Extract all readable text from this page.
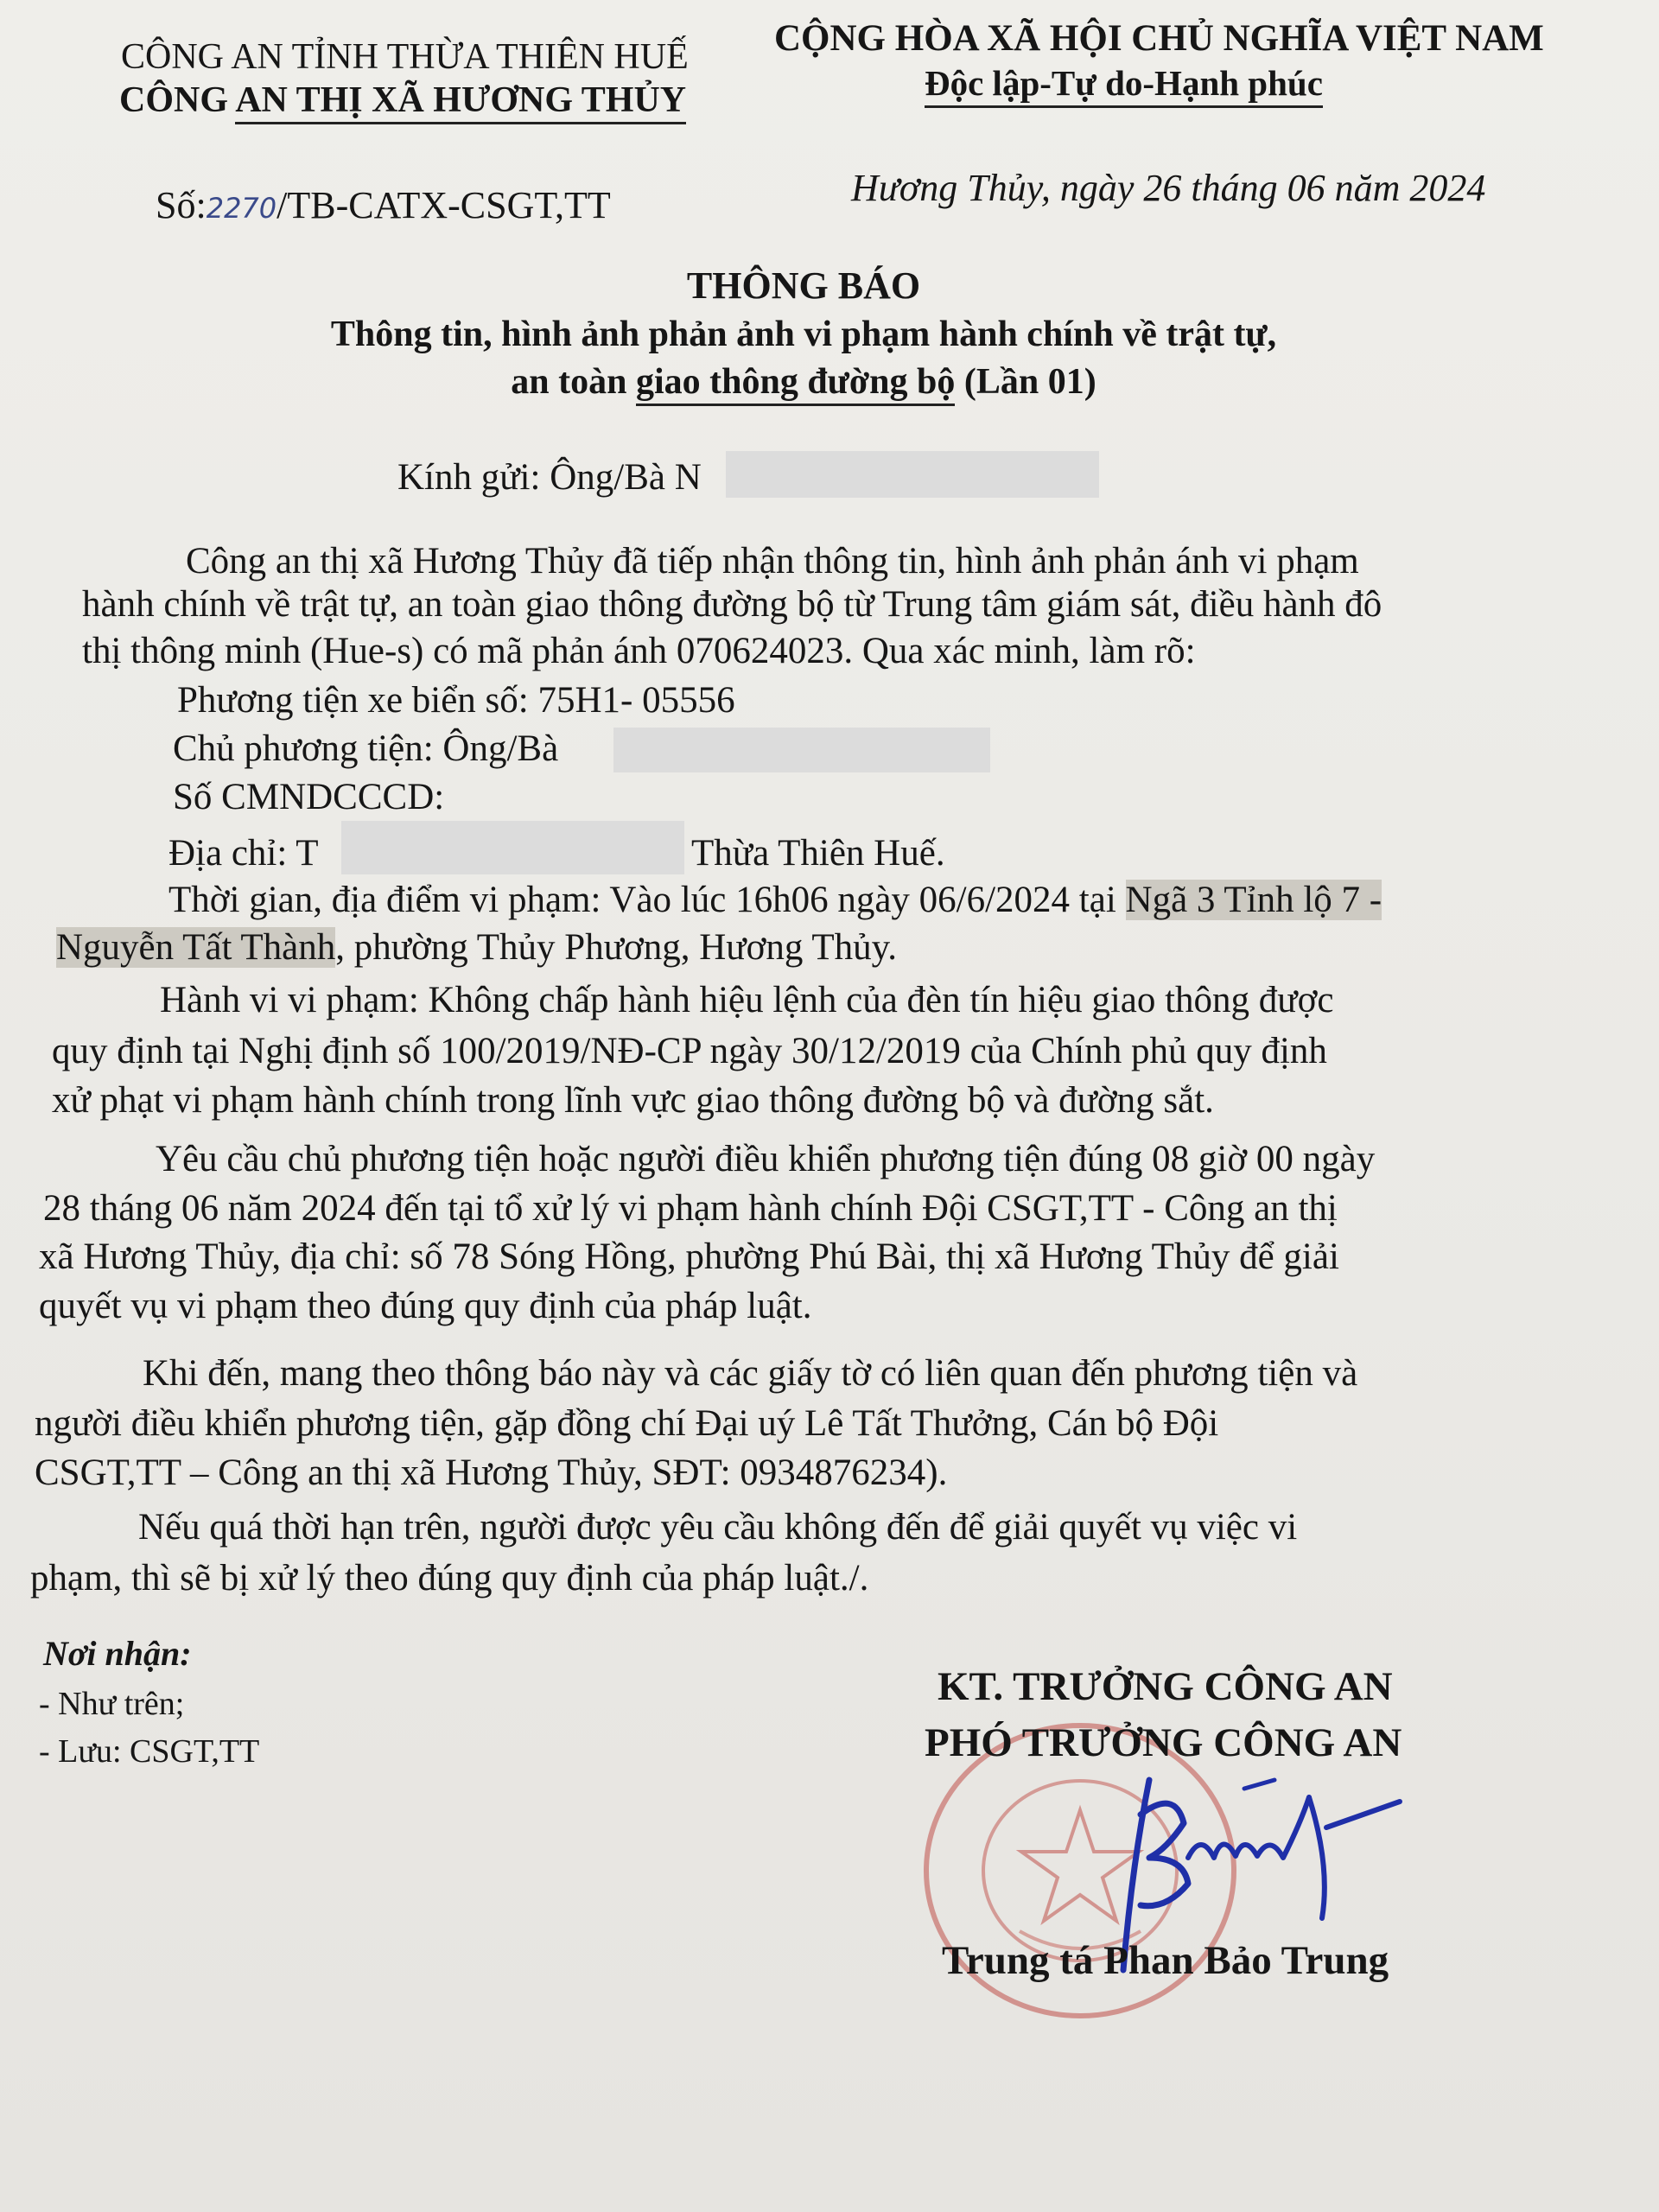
CÔNG AN TỈNH THỪA THIÊN HUẾ
CÔNG AN THỊ XÃ HƯƠNG THỦY
CỘNG HÒA XÃ HỘI CHỦ NGHĨA VIỆT NAM
Độc lập-Tự do-Hạnh phúc
Số:2270/TB-CATX-CSGT,TT	Hương Thủy, ngày 26 tháng 06 năm 2024
THÔNG BÁO
Thông tin, hình ảnh phản ảnh vi phạm hành chính về trật tự,
an toàn giao thông đường bộ (Lần 01)
Kính gửi: Ông/Bà N
Công an thị xã Hương Thủy đã tiếp nhận thông tin, hình ảnh phản ánh vi phạm
hành chính về trật tự, an toàn giao thông đường bộ từ Trung tâm giám sát, điều hành đô
thị thông minh (Hue-s) có mã phản ánh 070624023. Qua xác minh, làm rõ:
Phương tiện xe biển số: 75H1- 05556
Chủ phương tiện: Ông/Bà
Số CMNDCCCD:
Địa chỉ: T	Thừa Thiên Huế.
Thời gian, địa điểm vi phạm: Vào lúc 16h06 ngày 06/6/2024 tại Ngã 3 Tỉnh lộ 7 -
Nguyễn Tất Thành, phường Thủy Phương, Hương Thủy.
Hành vi vi phạm: Không chấp hành hiệu lệnh của đèn tín hiệu giao thông được
quy định tại Nghị định số 100/2019/NĐ-CP ngày 30/12/2019 của Chính phủ quy định
xử phạt vi phạm hành chính trong lĩnh vực giao thông đường bộ và đường sắt.
Yêu cầu chủ phương tiện hoặc người điều khiển phương tiện đúng 08 giờ 00 ngày
28 tháng 06 năm 2024 đến tại tổ xử lý vi phạm hành chính Đội CSGT,TT - Công an thị
xã Hương Thủy, địa chỉ: số 78 Sóng Hồng, phường Phú Bài, thị xã Hương Thủy để giải
quyết vụ vi phạm theo đúng quy định của pháp luật.
Khi đến, mang theo thông báo này và các giấy tờ có liên quan đến phương tiện và
người điều khiển phương tiện, gặp đồng chí Đại uý Lê Tất Thưởng, Cán bộ Đội
CSGT,TT – Công an thị xã Hương Thủy, SĐT: 0934876234).
Nếu quá thời hạn trên, người được yêu cầu không đến để giải quyết vụ việc vi
phạm, thì sẽ bị xử lý theo đúng quy định của pháp luật./.
Nơi nhận:
- Như trên;
- Lưu: CSGT,TT
KT. TRƯỞNG CÔNG AN
PHÓ TRƯỞNG CÔNG AN
Trung tá Phan Bảo Trung
